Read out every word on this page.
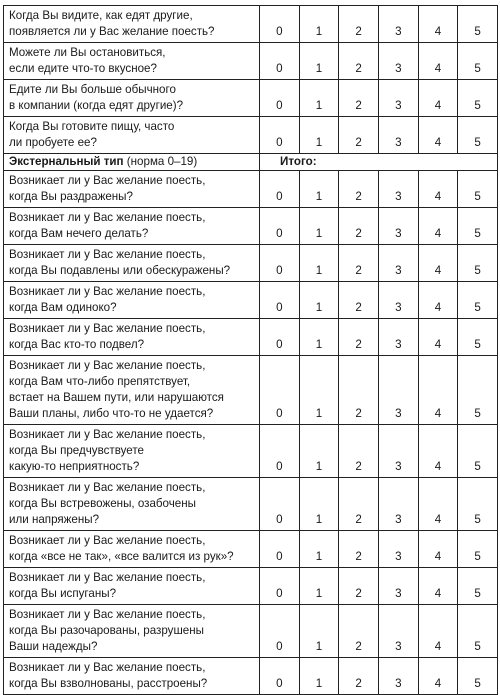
Когда Вы видите, как едят другие,
появляется ли у Вас желание поесть?	0	1	2	3	4	5

Можете ли Вы остановиться,
если едите что-то вкусное?	0	1	2	3	4	5

Едите ли Вы больше обычного
в компании (когда едят другие)?	0	1	2	3	4	5

Когда Вы готовите пищу, часто
ли пробуете ее?	0	1	2	3	4	5
Экстернальный тип (норма 0–19)	Итого:					

Возникает ли у Вас желание поесть,
когда Вы раздражены?	0	1	2	3	4	5

Возникает ли у Вас желание поесть,
когда Вам нечего делать?	0	1	2	3	4	5

Возникает ли у Вас желание поесть,
когда Вы подавлены или обескуражены?	0	1	2	3	4	5

Возникает ли у Вас желание поесть,
когда Вам одиноко?	0	1	2	3	4	5

Возникает ли у Вас желание поесть,
когда Вас кто-то подвел?	0	1	2	3	4	5

Возникает ли у Вас желание поесть,
когда Вам что-либо препятствует,
встает на Вашем пути, или нарушаются
Ваши планы, либо что-то не удается?	0	1	2	3	4	5

Возникает ли у Вас желание поесть,
когда Вы предчувствуете
какую-то неприятность?	0	1	2	3	4	5

Возникает ли у Вас желание поесть,
когда Вы встревожены, озабочены
или напряжены?	0	1	2	3	4	5

Возникает ли у Вас желание поесть,
когда «все не так», «все валится из рук»?	0	1	2	3	4	5

Возникает ли у Вас желание поесть,
когда Вы испуганы?	0	1	2	3	4	5

Возникает ли у Вас желание поесть,
когда Вы разочарованы, разрушены
Ваши надежды?	0	1	2	3	4	5

Возникает ли у Вас желание поесть,
когда Вы взволнованы, расстроены?	0	1	2	3	4	5
